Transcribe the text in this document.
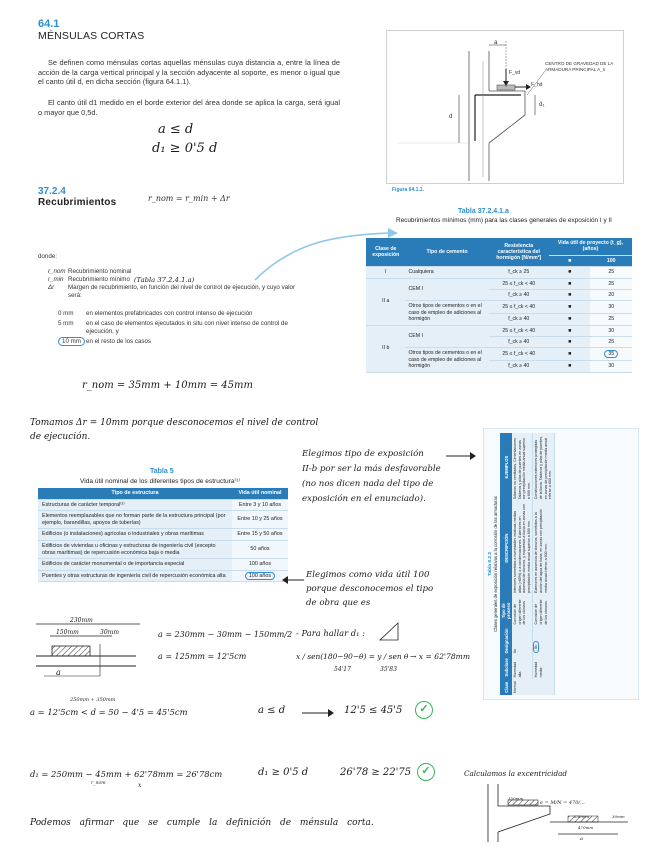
64.1
MÉNSULAS CORTAS

Se definen como ménsulas cortas aquellas ménsulas cuya distancia a, entre la línea de acción de la carga vertical principal y la sección adyacente al soporte, es menor o igual que el canto útil d, en dicha sección (figura 64.1.1).

El canto útil d1 medido en el borde exterior del área donde se aplica la carga, será igual o mayor que 0,5d.

a ≤ d
d₁ ≥ 0'5 d
a
d
d₁
F_vd
F_hd
CENTRO DE GRAVEDAD DE LA ARMADURA PRINCIPAL A_s
Figura 64.1.1.
37.2.4
Recubrimientos	r_nom = r_min + Δr
donde:
r_nom Recubrimiento nominal
r_min Recubrimiento mínimo (Tabla 37.2.4.1.a)
Δr	Margen de recubrimiento, en función del nivel de control de ejecución, y cuyo valor será:
0 mm	en elementos prefabricados con control intenso de ejecución
5 mm	en el caso de elementos ejecutados in situ con nivel intenso de control de ejecución, y
10 mm en el resto de los casos
r_nom = 35mm + 10mm = 45mm
Tabla 37.2.4.1.a
Recubrimientos mínimos (mm) para las clases generales de exposición I y II
Clase de exposición	Tipo de cemento	Resistencia característica del hormigón [N/mm²]	Vida útil de proyecto (t_g), (años)	
			■	100
I	Cualquiera	f_ck ≥ 25	■	25
II a	CEM I	25 ≤ f_ck < 40	■	25
		f_ck ≥ 40	■	20
	Otros tipos de cementos o en el caso de empleo de adiciones al hormigón	25 ≤ f_ck < 40	■	30
		f_ck ≥ 40	■	25
II b	CEM I	25 ≤ f_ck < 40	■	30
		f_ck ≥ 40	■	25
	Otros tipos de cementos o en el caso de empleo de adiciones al hormigón	25 ≤ f_ck < 40	■	35
		f_ck ≥ 40	■	30
Tomamos Δr = 10mm porque desconocemos el nivel de control
de ejecución.
Elegimos tipo de exposición
II-b por ser la más desfavorable
(no nos dicen nada del tipo de
exposición en el enunciado).
Tabla 5
Vida útil nominal de los diferentes tipos de estructura⁽¹⁾
Tipo de estructura	Vida útil nominal
Estructuras de carácter temporal⁽²⁾	Entre 3 y 10 años
Elementos reemplazables que no forman parte de la estructura principal (por ejemplo, barandillas, apoyos de tuberías)	Entre 10 y 25 años
Edificios (o instalaciones) agrícolas o industriales y obras marítimas	Entre 15 y 50 años
Edificios de viviendas u oficinas y estructuras de ingeniería civil (excepto obras marítimas) de repercusión económica baja o media	50 años
Edificios de carácter monumental o de importancia especial	100 años
Puentes y otras estructuras de ingeniería civil de repercusión económica alta	100 años	Elegimos como vida útil 100
porque desconocemos el tipo
de obra que es
Tabla 8.2.2 Clases generales de exposición relativas a la corrosión de las armaduras
Clase	Subclase	Designación	Tipo de proceso	DESCRIPCIÓN	EJEMPLOS
Normal	Humedad alta	IIa	Corrosión de origen diferente de los cloruros	Interiores sometidos a humedades relativas medias altas (>65%) o a condensaciones. Exteriores en ausencia de cloruros, y expuestos a lluvia en zonas con precipitación media anual superior a 600 mm.	Sótanos no ventilados. Cimentaciones. Tableros y pilas de puentes en zonas con precipitación media anual superior a 600 mm.
	Humedad media	IIb	Corrosión de origen diferente de los cloruros	Exteriores en ausencia de cloruros, sometidos a la acción del agua de lluvia, en zonas con precipitación media anual inferior a 600 mm.	Construcciones exteriores protegidas de la lluvia. Tableros y pilas de puentes, en zonas de precipitación media anual inferior a 600 mm.
230mm
150mm	30mm
a
a = 230mm − 30mm − 150mm/2
a = 125mm = 12'5cm
- Para hallar d₁ :
x / sen(180−90−θ) = y / sen θ
54'17	35'83
→ x = 62'78mm
250mm + 350mm
a = 12'5cm < d = 50 − 4'5 = 45'5cm	a ≤ d	12'5 ≤ 45'5	✓
d₁ = 250mm − 45mm + 62'78mm = 26'78cm
r_nom	x
d₁ ≥ 0'5 d	26'78 ≥ 22'75 ✓	Calculamos la excentricidad
Podemos afirmar que se cumple la definición de ménsula corta.
e = M/N = 470/...
350mm
250mm	30mm
470mm
a
